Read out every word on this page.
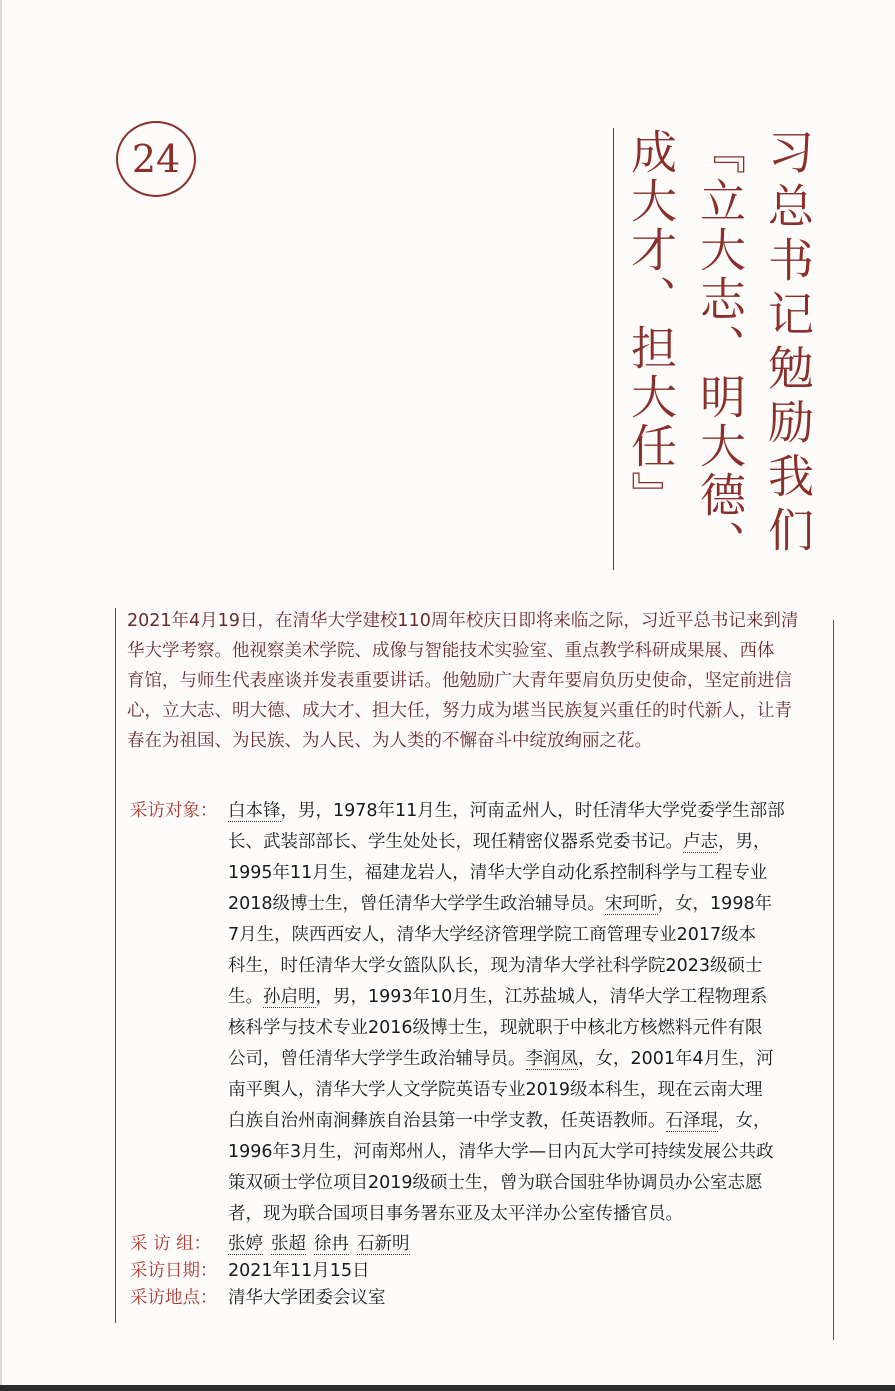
24	习总书记勉励我们
『立大志、明大德、
成大才、担大任』
2021年4月19日，在清华大学建校110周年校庆日即将来临之际，习近平总书记来到清
华大学考察。他视察美术学院、成像与智能技术实验室、重点教学科研成果展、西体
育馆，与师生代表座谈并发表重要讲话。他勉励广大青年要肩负历史使命，坚定前进信
心，立大志、明大德、成大才、担大任，努力成为堪当民族复兴重任的时代新人，让青
春在为祖国、为民族、为人民、为人类的不懈奋斗中绽放绚丽之花。
采访对象： 白本锋，男，1978年11月生，河南孟州人，时任清华大学党委学生部部
长、武装部部长、学生处处长，现任精密仪器系党委书记。卢志，男，
1995年11月生，福建龙岩人，清华大学自动化系控制科学与工程专业
2018级博士生，曾任清华大学学生政治辅导员。宋珂昕，女，1998年
7月生，陕西西安人，清华大学经济管理学院工商管理专业2017级本
科生，时任清华大学女篮队队长，现为清华大学社科学院2023级硕士
生。孙启明，男，1993年10月生，江苏盐城人，清华大学工程物理系
核科学与技术专业2016级博士生，现就职于中核北方核燃料元件有限
公司，曾任清华大学学生政治辅导员。李润凤，女，2001年4月生，河
南平舆人，清华大学人文学院英语专业2019级本科生，现在云南大理
白族自治州南涧彝族自治县第一中学支教，任英语教师。石泽琨，女，
1996年3月生，河南郑州人，清华大学—日内瓦大学可持续发展公共政
策双硕士学位项目2019级硕士生，曾为联合国驻华协调员办公室志愿
者，现为联合国项目事务署东亚及太平洋办公室传播官员。
采 访 组： 张婷 张超 徐冉 石新明
采访日期： 2021年11月15日
采访地点： 清华大学团委会议室
